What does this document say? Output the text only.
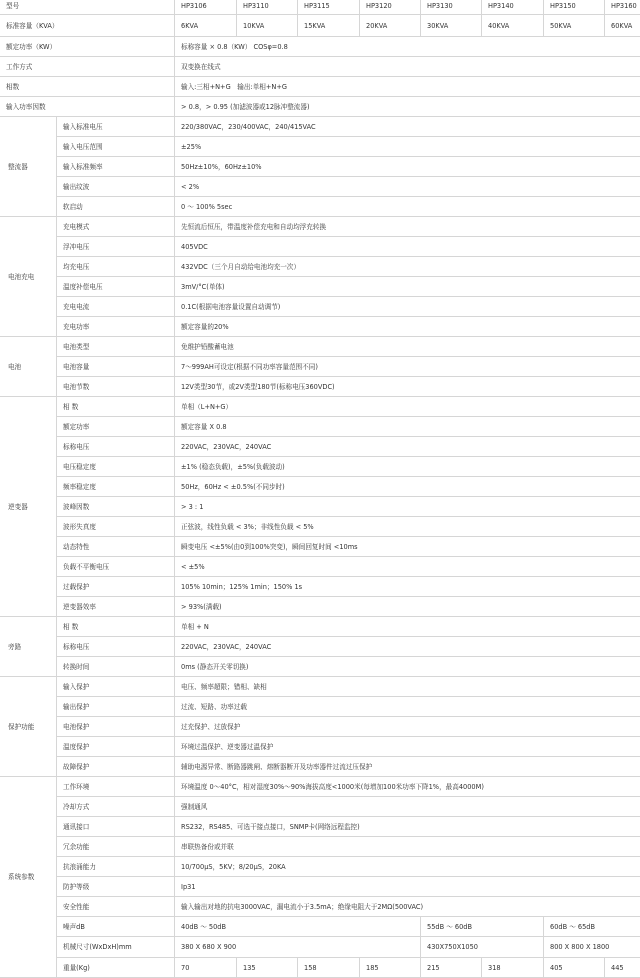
型号		HP3106	HP3110	HP3115	HP3120	HP3130	HP3140	HP3150	HP3160
标准容量（KVA）		6KVA	10KVA	15KVA	20KVA	30KVA	40KVA	50KVA	60KVA
额定功率（KW）		标称容量 × 0.8（KW） COSφ=0.8							
工作方式		双变换在线式							
相数		输入:三相+N+G　输出:单相+N+G							
输入功率因数		> 0.8，> 0.95 (加滤波器或12脉冲整流器)							
整流器	输入标准电压	220/380VAC，230/400VAC，240/415VAC							
	输入电压范围	±25%							
	输入标准频率	50Hz±10%，60Hz±10%							
	输出纹波	< 2%							
	软启动	0 ～ 100% 5sec							
电池充电	充电模式	先恒流后恒压，带温度补偿充电和自动均浮充转换							
	浮冲电压	405VDC							
	均充电压	432VDC（三个月自动给电池均充一次）							
	温度补偿电压	3mV/°C(单体)							
	充电电流	0.1C(根据电池容量设置自动调节)							
	充电功率	额定容量的20%							
电池	电池类型	免维护铅酸蓄电池							
	电池容量	7～999AH可设定(根据不同功率容量范围不同)							
	电池节数	12V类型30节，或2V类型180节(标称电压360VDC)							
逆变器	相 数	单相（L+N+G）							
	额定功率	额定容量 X 0.8							
	标称电压	220VAC，230VAC，240VAC							
	电压稳定度	±1% (稳态负载)，±5%(负载波动)							
	频率稳定度	50Hz，60Hz < ±0.5%(不同步时)							
	波峰因数	> 3 : 1							
	波形失真度	正弦波，线性负载 < 3%；非线性负载 < 5%							
	动态特性	瞬变电压 <±5%(由0到100%突变)，瞬间回复时间 <10ms							
	负载不平衡电压	< ±5%							
	过载保护	105% 10min；125% 1min；150% 1s							
	逆变器效率	> 93%(满载)							
旁路	相 数	单相 + N							
	标称电压	220VAC，230VAC，240VAC							
	转换时间	0ms (静态开关零切换)							
保护功能	输入保护	电压、频率超限；错相、缺相							
	输出保护	过流、短路、功率过载							
	电池保护	过充保护、过放保护							
	温度保护	环境过温保护、逆变器过温保护							
	故障保护	辅助电源异常、断路器跳闸、熔断器断开及功率器件过流过压保护							
系统参数	工作环境	环境温度 0～40°C，相对湿度30%～90%海拔高度<1000米(每增加100米功率下降1%，最高4000M)							
	冷却方式	强制通风							
	通讯接口	RS232，RS485、可选干接点接口，SNMP卡(网络远程监控)							
	冗余功能	串联热备份或并联							
	抗浪涌能力	10/700μS，5KV；8/20μS，20KA							
	防护等级	Ip31							
	安全性能	输入输出对地的抗电3000VAC，漏电流小于3.5mA；绝缘电阻大于2MΩ(500VAC)							
	噪声dB	40dB ～ 50dB				55dB ～ 60dB		60dB ～ 65dB	
	机械尺寸(WxDxH)mm	380 X 680 X 900				430X750X1050		800 X 800 X 1800	
	重量(Kg)	70	135	158	185	215	318	405	445
